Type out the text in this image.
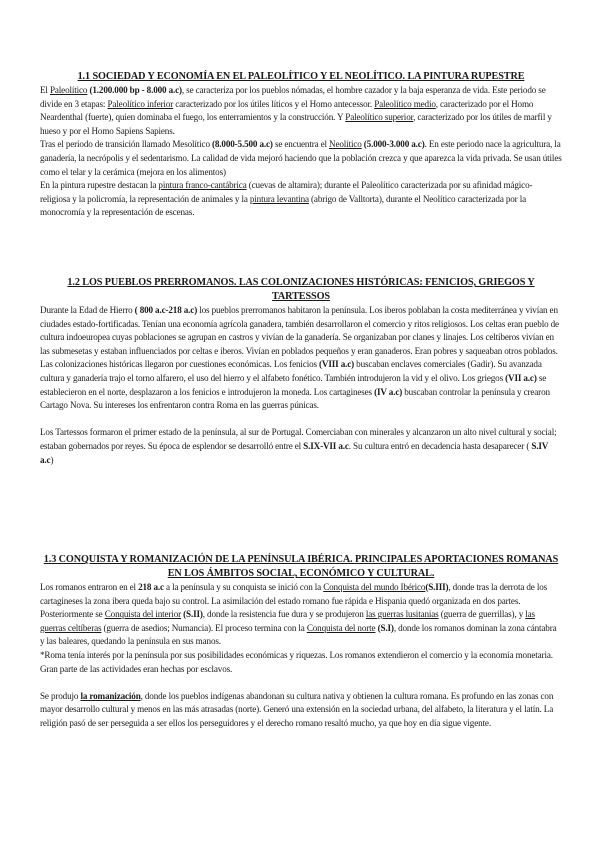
1.1 SOCIEDAD Y ECONOMÍA EN EL PALEOLÍTICO Y EL NEOLÍTICO. LA PINTURA RUPESTRE

El Paleolítico (1.200.000 bp - 8.000 a.c), se caracteriza por los pueblos nómadas, el hombre cazador y la baja esperanza de vida. Este periodo se divide en 3 etapas: Paleolítico inferior caracterizado por los útiles líticos y el Homo antecessor. Paleolítico medio, caracterizado por el Homo Neardenthal (fuerte), quien dominaba el fuego, los enterramientos y la construcción. Y Paleolítico superior, caracterizado por los útiles de marfil y hueso y por el Homo Sapiens Sapiens.

Tras el período de transición llamado Mesolítico (8.000-5.500 a.c) se encuentra el Neolítico (5.000-3.000 a.c). En este periodo nace la agricultura, la ganadería, la necrópolis y el sedentarismo. La calidad de vida mejoró haciendo que la población crezca y que aparezca la vida privada. Se usan útiles como el telar y la cerámica (mejora en los alimentos)

En la pintura rupestre destacan la pintura franco-cantábrica (cuevas de altamira); durante el Paleolítico caracterizada por su afinidad mágico-religiosa y la policromía, la representación de animales y la pintura levantina (abrigo de Valltorta), durante el Neolítico caracterizada por la monocromía y la representación de escenas.

1.2 LOS PUEBLOS PRERROMANOS. LAS COLONIZACIONES HISTÓRICAS: FENICIOS, GRIEGOS Y TARTESSOS

Durante la Edad de Hierro ( 800 a.c-218 a.c) los pueblos prerromanos habitaron la península. Los iberos poblaban la costa mediterránea y vivían en ciudades estado-fortificadas. Tenían una economía agrícola ganadera, también desarrollaron el comercio y ritos religiosos. Los celtas eran pueblo de cultura indoeuropea cuyas poblaciones se agrupan en castros y vivían de la ganadería. Se organizaban por clanes y linajes. Los celtíberos vivían en las submesetas y estaban influenciados por celtas e iberos. Vivían en poblados pequeños y eran ganaderos. Eran pobres y saqueaban otros poblados.

Las colonizaciones históricas llegaron por cuestiones económicas. Los fenicios (VIII a.c) buscaban enclaves comerciales (Gadir). Su avanzada cultura y ganadería trajo el torno alfarero, el uso del hierro y el alfabeto fonético. También introdujeron la vid y el olivo. Los griegos (VII a.c) se establecieron en el norte, desplazaron a los fenicios e introdujeron la moneda. Los cartagineses (IV a.c) buscaban controlar la península y crearon Cartago Nova. Su intereses los enfrentaron contra Roma en las guerras púnicas.

Los Tartessos formaron el primer estado de la península, al sur de Portugal. Comerciaban con minerales y alcanzaron un alto nivel cultural y social; estaban gobernados por reyes. Su época de esplendor se desarrolló entre el S.IX-VII a.c. Su cultura entró en decadencia hasta desaparecer ( S.IV a.c)

1.3 CONQUISTA Y ROMANIZACIÓN DE LA PENÍNSULA IBÉRICA. PRINCIPALES APORTACIONES ROMANAS EN LOS ÁMBITOS SOCIAL, ECONÓMICO Y CULTURAL.

Los romanos entraron en el 218 a.c a la península y su conquista se inició con la Conquista del mundo Ibérico(S.III), donde tras la derrota de los cartagineses la zona ibera queda bajo su control. La asimilación del estado romano fue rápida e Hispania quedó organizada en dos partes. Posteriormente se Conquista del interior (S.II), donde la resistencia fue dura y se produjeron las guerras lusitanias (guerra de guerrillas), y las guerras celtíberas (guerra de asedios; Numancia). El proceso termina con la Conquista del norte (S.I), donde los romanos dominan la zona cántabra y las baleares, quedando la península en sus manos.

*Roma tenía interés por la península por sus posibilidades económicas y riquezas. Los romanos extendieron el comercio y la economía monetaria. Gran parte de las actividades eran hechas por esclavos.

Se produjo la romanización, donde los pueblos indígenas abandonan su cultura nativa y obtienen la cultura romana. Es profundo en las zonas con mayor desarrollo cultural y menos en las más atrasadas (norte). Generó una extensión en la sociedad urbana, del alfabeto, la literatura y el latín. La religión pasó de ser perseguida a ser ellos los perseguidores y el derecho romano resaltó mucho, ya que hoy en día sigue vigente.
